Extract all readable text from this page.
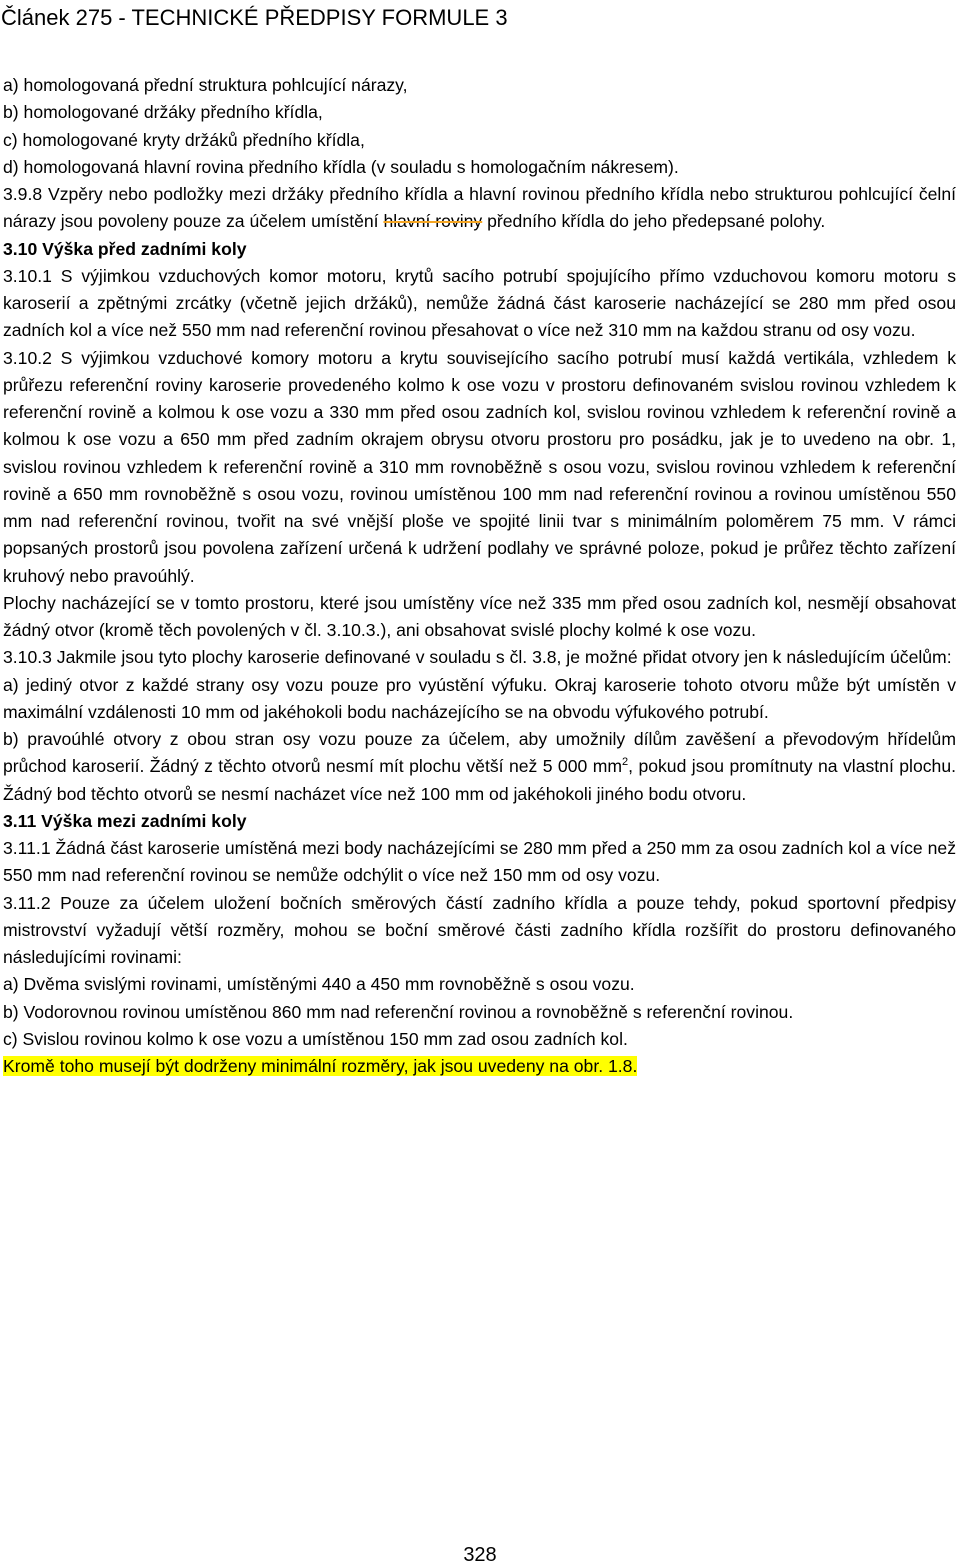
Článek 275 - TECHNICKÉ PŘEDPISY FORMULE 3

a) homologovaná přední struktura pohlcující nárazy,

b) homologované držáky předního křídla,

c) homologované kryty držáků předního křídla,

d) homologovaná hlavní rovina předního křídla (v souladu s homologačním nákresem).

3.9.8 Vzpěry nebo podložky mezi držáky předního křídla a hlavní rovinou předního křídla nebo strukturou pohlcující čelní nárazy jsou povoleny pouze za účelem umístění hlavní roviny předního křídla do jeho předepsané polohy.

3.10 Výška před zadními koly

3.10.1 S výjimkou vzduchových komor motoru, krytů sacího potrubí spojujícího přímo vzduchovou komoru motoru s karoserií a zpětnými zrcátky (včetně jejich držáků), nemůže žádná část karoserie nacházející se 280 mm před osou zadních kol a více než 550 mm nad referenční rovinou přesahovat o více než 310 mm na každou stranu od osy vozu.

3.10.2 S výjimkou vzduchové komory motoru a krytu souvisejícího sacího potrubí musí každá vertikála, vzhledem k průřezu referenční roviny karoserie provedeného kolmo k ose vozu v prostoru definovaném svislou rovinou vzhledem k referenční rovině a kolmou k ose vozu a 330 mm před osou zadních kol, svislou rovinou vzhledem k referenční rovině a kolmou k ose vozu a 650 mm před zadním okrajem obrysu otvoru prostoru pro posádku, jak je to uvedeno na obr. 1, svislou rovinou vzhledem k referenční rovině a 310 mm rovnoběžně s osou vozu, svislou rovinou vzhledem k referenční rovině a 650 mm rovnoběžně s osou vozu, rovinou umístěnou 100 mm nad referenční rovinou a rovinou umístěnou 550 mm nad referenční rovinou, tvořit na své vnější ploše ve spojité linii tvar s minimálním poloměrem 75 mm. V rámci popsaných prostorů jsou povolena zařízení určená k udržení podlahy ve správné poloze, pokud je průřez těchto zařízení kruhový nebo pravoúhlý.

Plochy nacházející se v tomto prostoru, které jsou umístěny více než 335 mm před osou zadních kol, nesmějí obsahovat žádný otvor (kromě těch povolených v čl. 3.10.3.), ani obsahovat svislé plochy kolmé k ose vozu.

3.10.3 Jakmile jsou tyto plochy karoserie definované v souladu s čl. 3.8, je možné přidat otvory jen k následujícím účelům:

a) jediný otvor z každé strany osy vozu pouze pro vyústění výfuku. Okraj karoserie tohoto otvoru může být umístěn v maximální vzdálenosti 10 mm od jakéhokoli bodu nacházejícího se na obvodu výfukového potrubí.

b) pravoúhlé otvory z obou stran osy vozu pouze za účelem, aby umožnily dílům zavěšení a převodovým hřídelům průchod karoserií. Žádný z těchto otvorů nesmí mít plochu větší než 5 000 $mm^2$, pokud jsou promítnuty na vlastní plochu. Žádný bod těchto otvorů se nesmí nacházet více než 100 mm od jakéhokoli jiného bodu otvoru.

3.11 Výška mezi zadními koly

3.11.1 Žádná část karoserie umístěná mezi body nacházejícími se 280 mm před a 250 mm za osou zadních kol a více než 550 mm nad referenční rovinou se nemůže odchýlit o více než 150 mm od osy vozu.

3.11.2 Pouze za účelem uložení bočních směrových částí zadního křídla a pouze tehdy, pokud sportovní předpisy mistrovství vyžadují větší rozměry, mohou se boční směrové části zadního křídla rozšířit do prostoru definovaného následujícími rovinami:

a) Dvěma svislými rovinami, umístěnými 440 a 450 mm rovnoběžně s osou vozu.

b) Vodorovnou rovinou umístěnou 860 mm nad referenční rovinou a rovnoběžně s referenční rovinou.

c) Svislou rovinou kolmo k ose vozu a umístěnou 150 mm zad osou zadních kol.

Kromě toho musejí být dodrženy minimální rozměry, jak jsou uvedeny na obr. 1.8.

328
